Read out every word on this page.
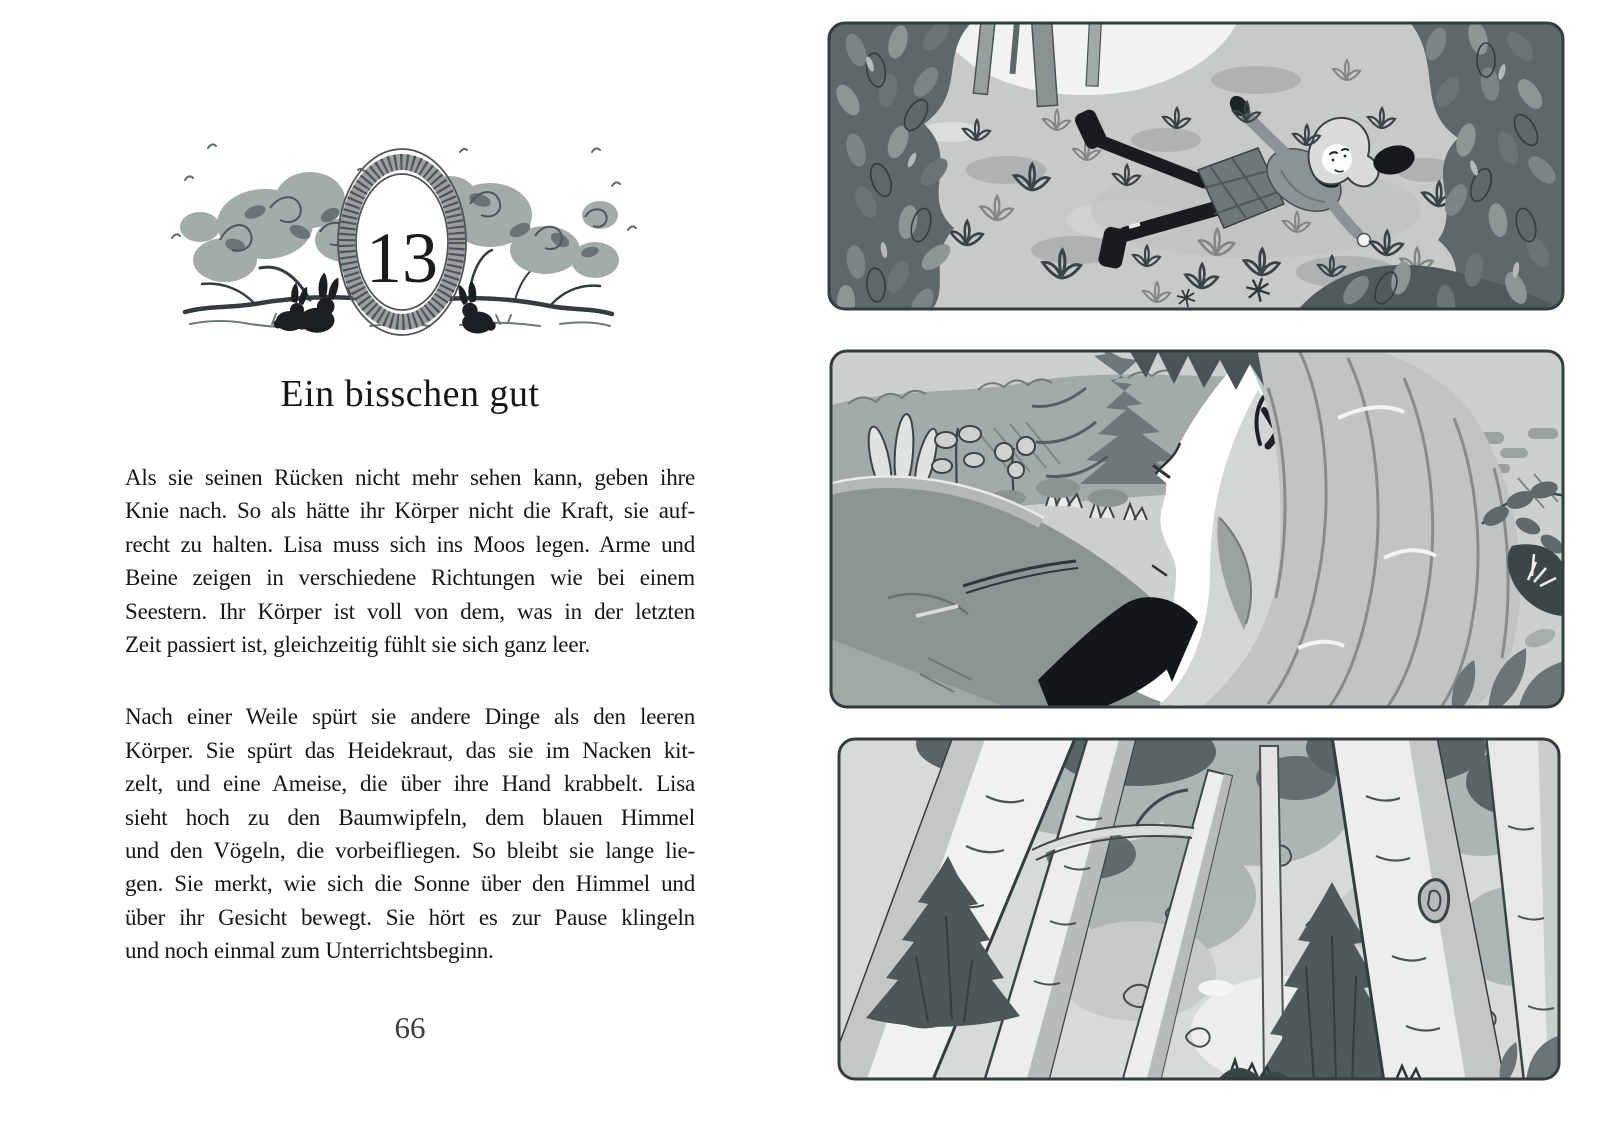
13
Ein bisschen gut
Als sie seinen Rücken nicht mehr sehen kann, geben ihre
Knie nach. So als hätte ihr Körper nicht die Kraft, sie auf-
recht zu halten. Lisa muss sich ins Moos legen. Arme und
Beine zeigen in verschiedene Richtungen wie bei einem
Seestern. Ihr Körper ist voll von dem, was in der letzten
Zeit passiert ist, gleichzeitig fühlt sie sich ganz leer.
Nach einer Weile spürt sie andere Dinge als den leeren
Körper. Sie spürt das Heidekraut, das sie im Nacken kit-
zelt, und eine Ameise, die über ihre Hand krabbelt. Lisa
sieht hoch zu den Baumwipfeln, dem blauen Himmel
und den Vögeln, die vorbeifliegen. So bleibt sie lange lie-
gen. Sie merkt, wie sich die Sonne über den Himmel und
über ihr Gesicht bewegt. Sie hört es zur Pause klingeln
und noch einmal zum Unterrichtsbeginn.
66
